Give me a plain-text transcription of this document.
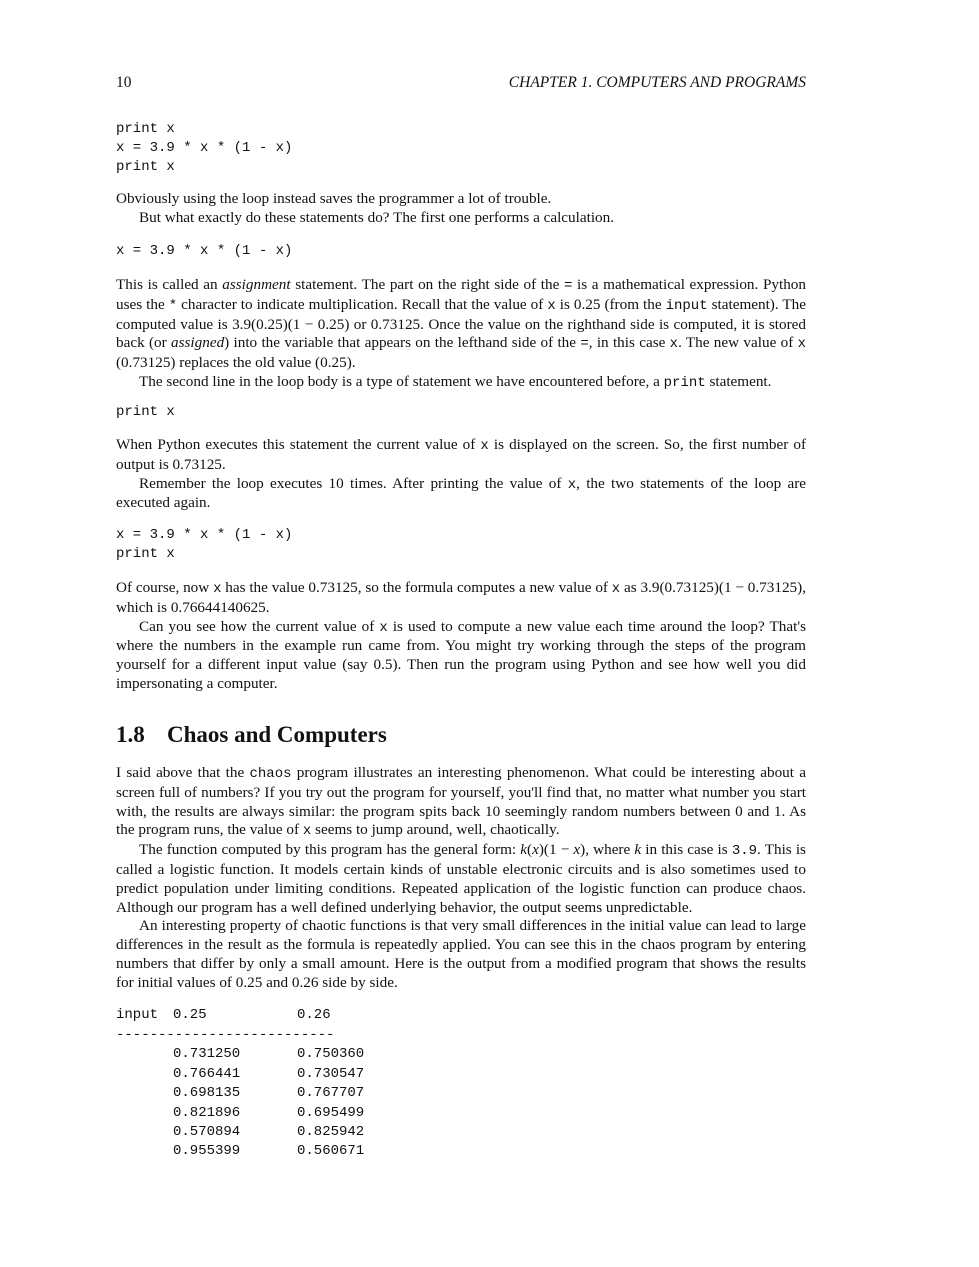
10	CHAPTER 1. COMPUTERS AND PROGRAMS
print x
x = 3.9 * x * (1 - x)
print x

Obviously using the loop instead saves the programmer a lot of trouble.

But what exactly do these statements do? The first one performs a calculation.

x = 3.9 * x * (1 - x)

This is called an assignment statement. The part on the right side of the = is a mathematical expression. Python uses the * character to indicate multiplication. Recall that the value of x is 0.25 (from the input statement). The computed value is 3.9(0.25)(1 − 0.25) or 0.73125. Once the value on the righthand side is computed, it is stored back (or assigned) into the variable that appears on the lefthand side of the =, in this case x. The new value of x (0.73125) replaces the old value (0.25).

The second line in the loop body is a type of statement we have encountered before, a print statement.

print x

When Python executes this statement the current value of x is displayed on the screen. So, the first number of output is 0.73125.

Remember the loop executes 10 times. After printing the value of x, the two statements of the loop are executed again.

x = 3.9 * x * (1 - x)
print x

Of course, now x has the value 0.73125, so the formula computes a new value of x as 3.9(0.73125)(1 − 0.73125), which is 0.76644140625.

Can you see how the current value of x is used to compute a new value each time around the loop? That's where the numbers in the example run came from. You might try working through the steps of the program yourself for a different input value (say 0.5). Then run the program using Python and see how well you did impersonating a computer.

1.8 Chaos and Computers

I said above that the chaos program illustrates an interesting phenomenon. What could be interesting about a screen full of numbers? If you try out the program for yourself, you'll find that, no matter what number you start with, the results are always similar: the program spits back 10 seemingly random numbers between 0 and 1. As the program runs, the value of x seems to jump around, well, chaotically.

The function computed by this program has the general form: k(x)(1 − x), where k in this case is 3.9. This is called a logistic function. It models certain kinds of unstable electronic circuits and is also sometimes used to predict population under limiting conditions. Repeated application of the logistic function can produce chaos. Although our program has a well defined underlying behavior, the output seems unpredictable.

An interesting property of chaotic functions is that very small differences in the initial value can lead to large differences in the result as the formula is repeatedly applied. You can see this in the chaos program by entering numbers that differ by only a small amount. Here is the output from a modified program that shows the results for initial values of 0.25 and 0.26 side by side.

input	0.25	0.26
--------------------------		
	0.731250	0.750360
	0.766441	0.730547
	0.698135	0.767707
	0.821896	0.695499
	0.570894	0.825942
	0.955399	0.560671
